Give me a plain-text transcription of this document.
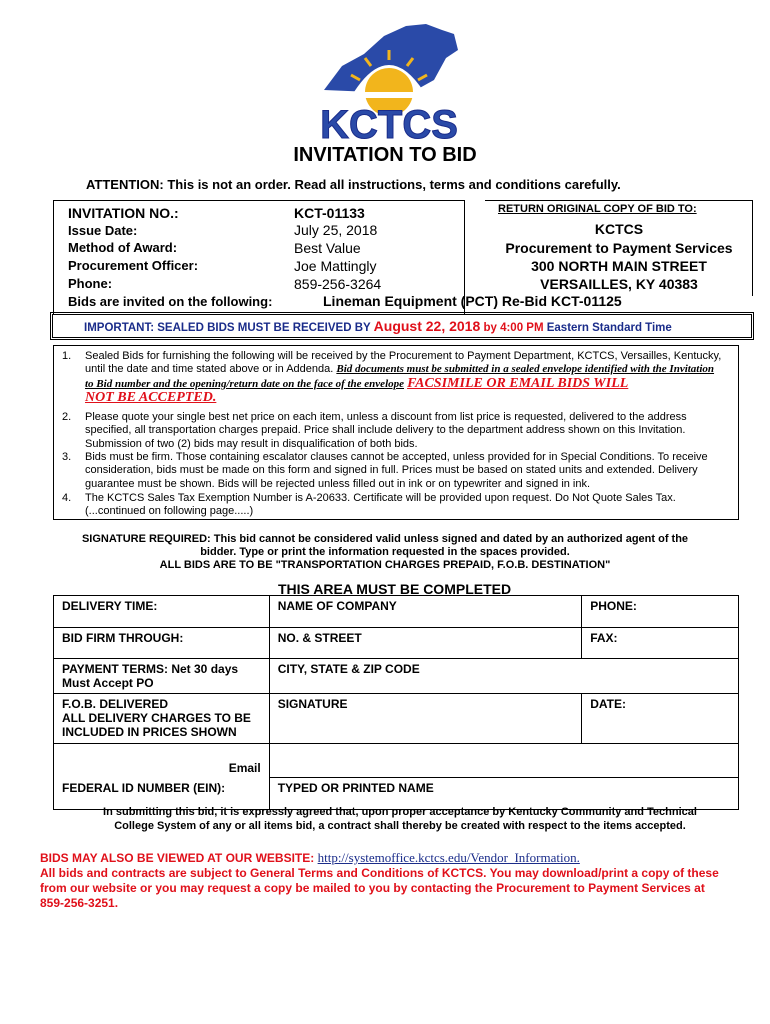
KCTCS
INVITATION TO BID
ATTENTION: This is not an order. Read all instructions, terms and conditions carefully.
INVITATION NO.:	KCT-01133
Issue Date:	July 25, 2018
Method of Award:	Best Value
Procurement Officer:	Joe Mattingly
Phone:	859-256-3264
Bids are invited on the following:	Lineman Equipment (PCT) Re-Bid KCT-01125
RETURN ORIGINAL COPY OF BID TO:
KCTCS
Procurement to Payment Services
300 NORTH MAIN STREET
VERSAILLES, KY 40383
IMPORTANT: SEALED BIDS MUST BE RECEIVED BY August 22, 2018 by 4:00 PM Eastern Standard Time
1. Sealed Bids for furnishing the following will be received by the Procurement to Payment Department, KCTCS, Versailles, Kentucky, until the date and time stated above or in Addenda. Bid documents must be submitted in a sealed envelope identified with the Invitation to Bid number and the opening/return date on the face of the envelope FACSIMILE OR EMAIL BIDS WILL
NOT BE ACCEPTED.
2. Please quote your single best net price on each item, unless a discount from list price is requested, delivered to the address specified, all transportation charges prepaid. Price shall include delivery to the department address shown on this Invitation. Submission of two (2) bids may result in disqualification of both bids.
3. Bids must be firm. Those containing escalator clauses cannot be accepted, unless provided for in Special Conditions. To receive consideration, bids must be made on this form and signed in full. Prices must be based on stated units and extended. Delivery guarantee must be shown. Bids will be rejected unless filled out in ink or on typewriter and signed in ink.
4. The KCTCS Sales Tax Exemption Number is A-20633. Certificate will be provided upon request. Do Not Quote Sales Tax.
(...continued on following page.....)
SIGNATURE REQUIRED: This bid cannot be considered valid unless signed and dated by an authorized agent of the
bidder. Type or print the information requested in the spaces provided.
ALL BIDS ARE TO BE "TRANSPORTATION CHARGES PREPAID, F.O.B. DESTINATION"
THIS AREA MUST BE COMPLETED
DELIVERY TIME:	NAME OF COMPANY	PHONE:
BID FIRM THROUGH:	NO. & STREET	FAX:

PAYMENT TERMS: Net 30 days
Must Accept PO	CITY, STATE & ZIP CODE	

F.O.B. DELIVERED
ALL DELIVERY CHARGES TO BE
INCLUDED IN PRICES SHOWN	SIGNATURE	DATE:
Email		
FEDERAL ID NUMBER (EIN):	TYPED OR PRINTED NAME	
In submitting this bid, it is expressly agreed that, upon proper acceptance by Kentucky Community and Technical
College System of any or all items bid, a contract shall thereby be created with respect to the items accepted.
BIDS MAY ALSO BE VIEWED AT OUR WEBSITE: http://systemoffice.kctcs.edu/Vendor_Information.
All bids and contracts are subject to General Terms and Conditions of KCTCS. You may download/print a copy of these from our website or you may request a copy be mailed to you by contacting the Procurement to Payment Services at 859-256-3251.
